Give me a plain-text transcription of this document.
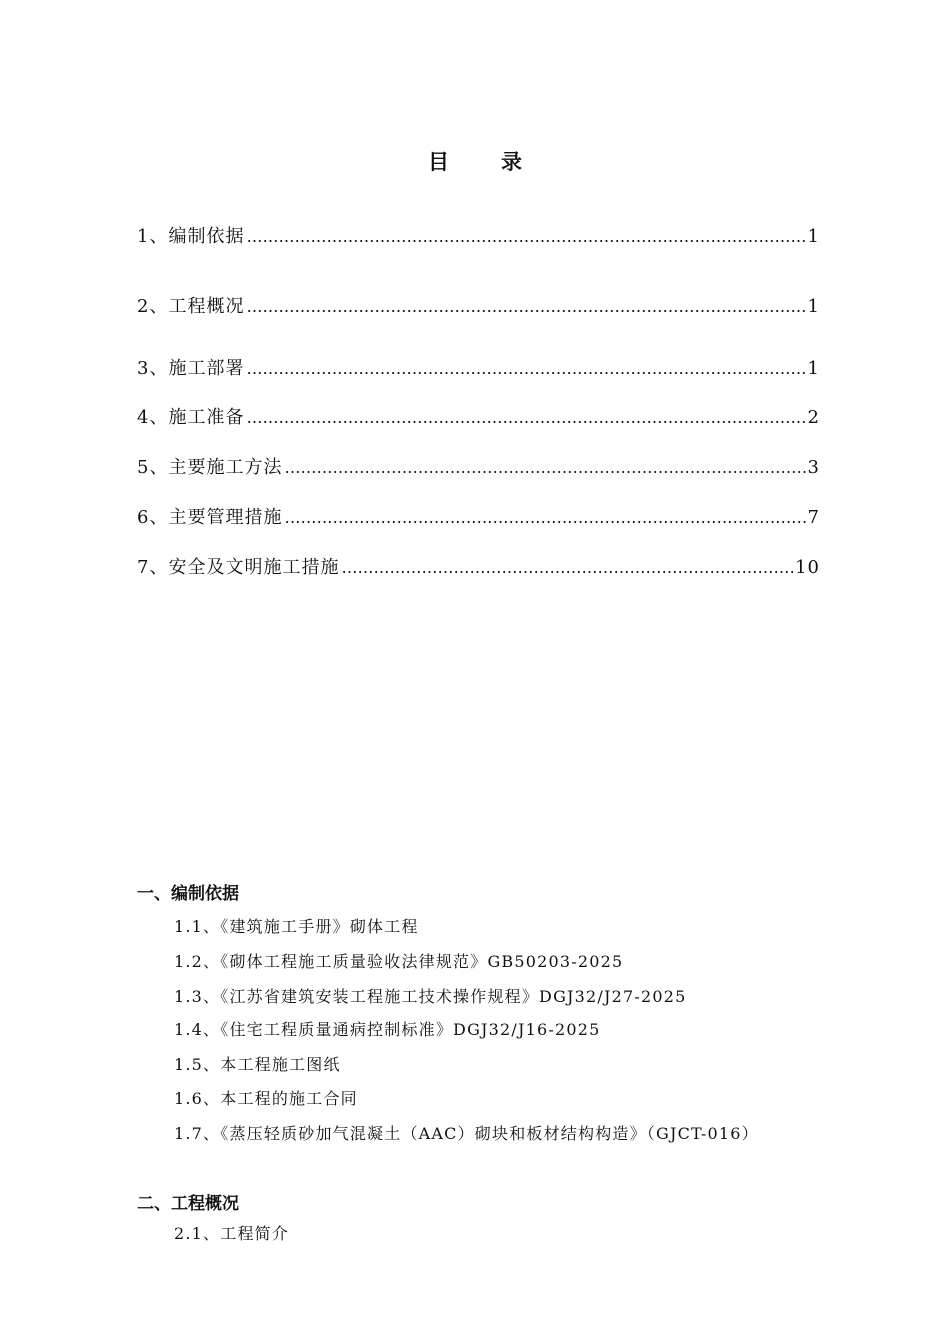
目 录
1、 编制依据 …………………………………………………………………………………………………………………………………………………………………	1
2、 工程概况 …………………………………………………………………………………………………………………………………………………………………	1
3、 施工部署 …………………………………………………………………………………………………………………………………………………………………	1
4、 施工准备 …………………………………………………………………………………………………………………………………………………………………	2
5、 主要施工方法 …………………………………………………………………………………………………………………………………………………………………	3
6、 主要管理措施 …………………………………………………………………………………………………………………………………………………………………	7
7、 安全及文明施工措施 …………………………………………………………………………………………………………………………………………………………………	10
一、编制依据
1.1、《建筑施工手册》砌体工程
1.2、《砌体工程施工质量验收法律规范》GB50203-2025
1.3、《江苏省建筑安装工程施工技术操作规程》DGJ32/J27-2025
1.4、《住宅工程质量通病控制标准》DGJ32/J16-2025
1.5、本工程施工图纸
1.6、本工程的施工合同
1.7、《蒸压轻质砂加气混凝土（AAC）砌块和板材结构构造》（GJCT-016）
二、工程概况
2.1、工程简介
